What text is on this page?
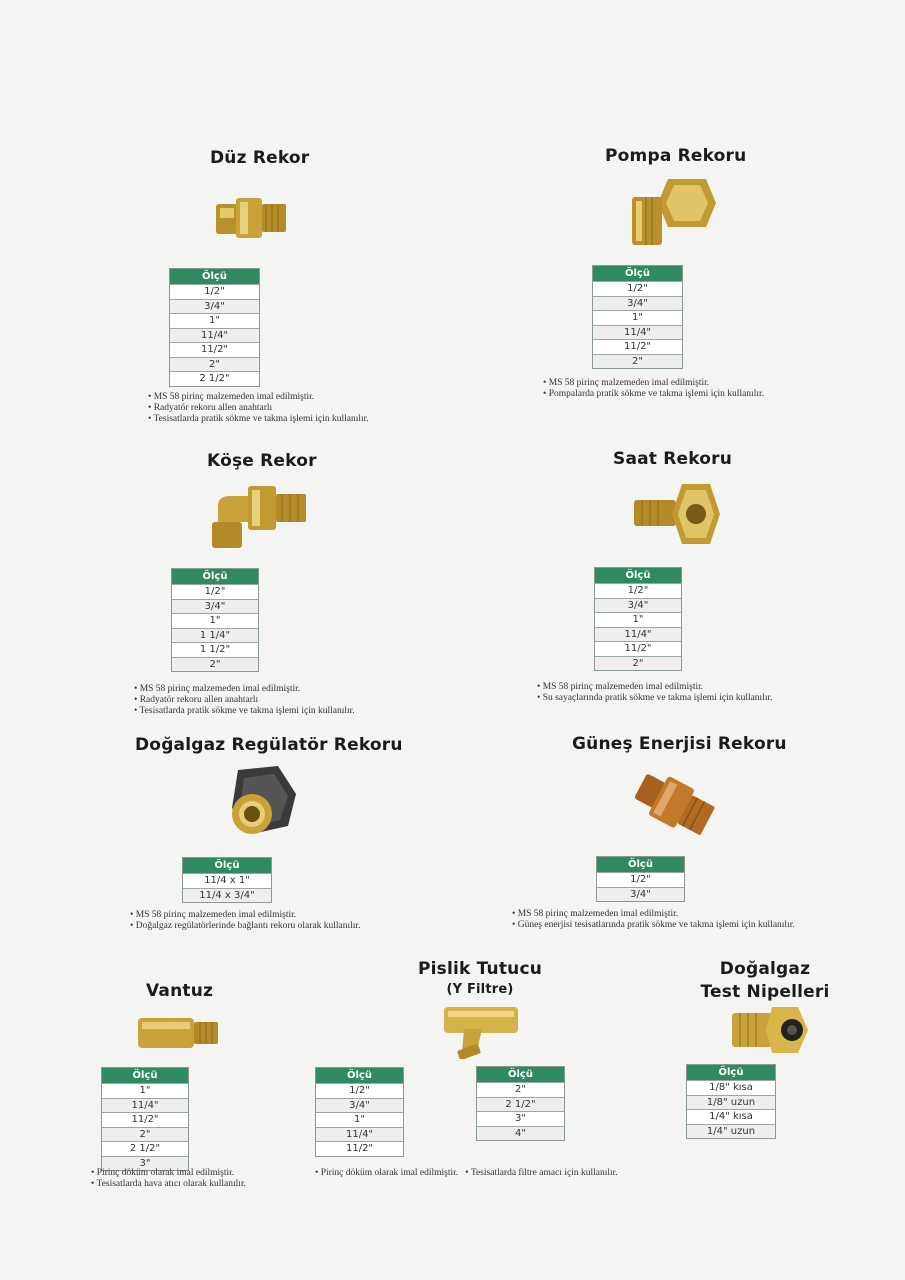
Düz Rekor
Ölçü
1/2"
3/4"
1"
11/4"
11/2"
2"
2 1/2"
• MS 58 pirinç malzemeden imal edilmiştir.
• Radyatör rekoru allen anahtarlı
• Tesisatlarda pratik sökme ve takma işlemi için kullanılır.
Pompa Rekoru
Ölçü
1/2"
3/4"
1"
11/4"
11/2"
2"
• MS 58 pirinç malzemeden imal edilmiştir.
• Pompalarda pratik sökme ve takma işlemi için kullanılır.
Köşe Rekor
Ölçü
1/2"
3/4"
1"
1 1/4"
1 1/2"
2"
• MS 58 pirinç malzemeden imal edilmiştir.
• Radyatör rekoru allen anahtarlı
• Tesisatlarda pratik sökme ve takma işlemi için kullanılır.
Saat Rekoru
Ölçü
1/2"
3/4"
1"
11/4"
11/2"
2"
• MS 58 pirinç malzemeden imal edilmiştir.
• Su sayaçlarında pratik sökme ve takma işlemi için kullanılır.
Doğalgaz Regülatör Rekoru
Ölçü
11/4 x 1"
11/4 x 3/4"
• MS 58 pirinç malzemeden imal edilmiştir.
• Doğalgaz regülatörlerinde bağlantı rekoru olarak kullanılır.
Güneş Enerjisi Rekoru
Ölçü
1/2"
3/4"
• MS 58 pirinç malzemeden imal edilmiştir.
• Güneş enerjisi tesisatlarında pratik sökme ve takma işlemi için kullanılır.
Vantuz
Ölçü
1"
11/4"
11/2"
2"
2 1/2"
3"
• Pirinç döküm olarak imal edilmiştir.
• Tesisatlarda hava atıcı olarak kullanılır.
Pislik Tutucu
(Y Filtre)
Ölçü
1/2"
3/4"
1"
11/4"
11/2"
Ölçü
2"
2 1/2"
3"
4"
• Pirinç döküm olarak imal edilmiştir.   • Tesisatlarda filtre amacı için kullanılır.
Doğalgaz
Test Nipelleri
Ölçü
1/8" kısa
1/8" uzun
1/4" kısa
1/4" uzun
